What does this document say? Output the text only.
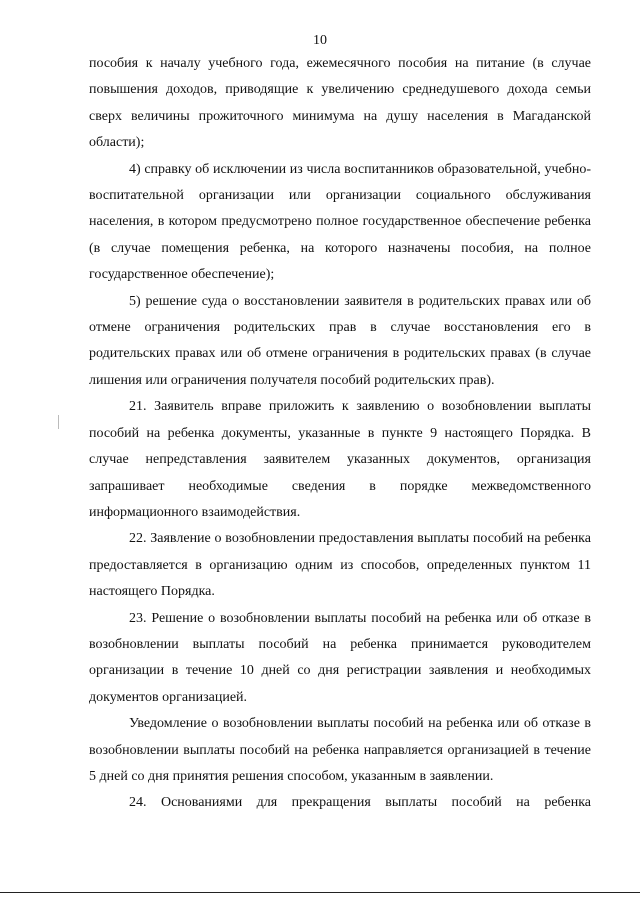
10

пособия к началу учебного года, ежемесячного пособия на питание (в случае повышения доходов, приводящие к увеличению среднедушевого дохода семьи сверх величины прожиточного минимума на душу населения в Магаданской области);

4) справку об исключении из числа воспитанников образовательной, учебно-воспитательной организации или организации социального обслуживания населения, в котором предусмотрено полное государственное обеспечение ребенка (в случае помещения ребенка, на которого назначены пособия, на полное государственное обеспечение);

5) решение суда о восстановлении заявителя в родительских правах или об отмене ограничения родительских прав в случае восстановления его в родительских правах или об отмене ограничения в родительских правах (в случае лишения или ограничения получателя пособий родительских прав).

21. Заявитель вправе приложить к заявлению о возобновлении выплаты пособий на ребенка документы, указанные в пункте 9 настоящего Порядка. В случае непредставления заявителем указанных документов, организация запрашивает необходимые сведения в порядке межведомственного информационного взаимодействия.

22. Заявление о возобновлении предоставления выплаты пособий на ребенка предоставляется в организацию одним из способов, определенных пунктом 11 настоящего Порядка.

23. Решение о возобновлении выплаты пособий на ребенка или об отказе в возобновлении выплаты пособий на ребенка принимается руководителем организации в течение 10 дней со дня регистрации заявления и необходимых документов организацией.

Уведомление о возобновлении выплаты пособий на ребенка или об отказе в возобновлении выплаты пособий на ребенка направляется организацией в течение 5 дней со дня принятия решения способом, указанным в заявлении.

24. Основаниями для прекращения выплаты пособий на ребенка
